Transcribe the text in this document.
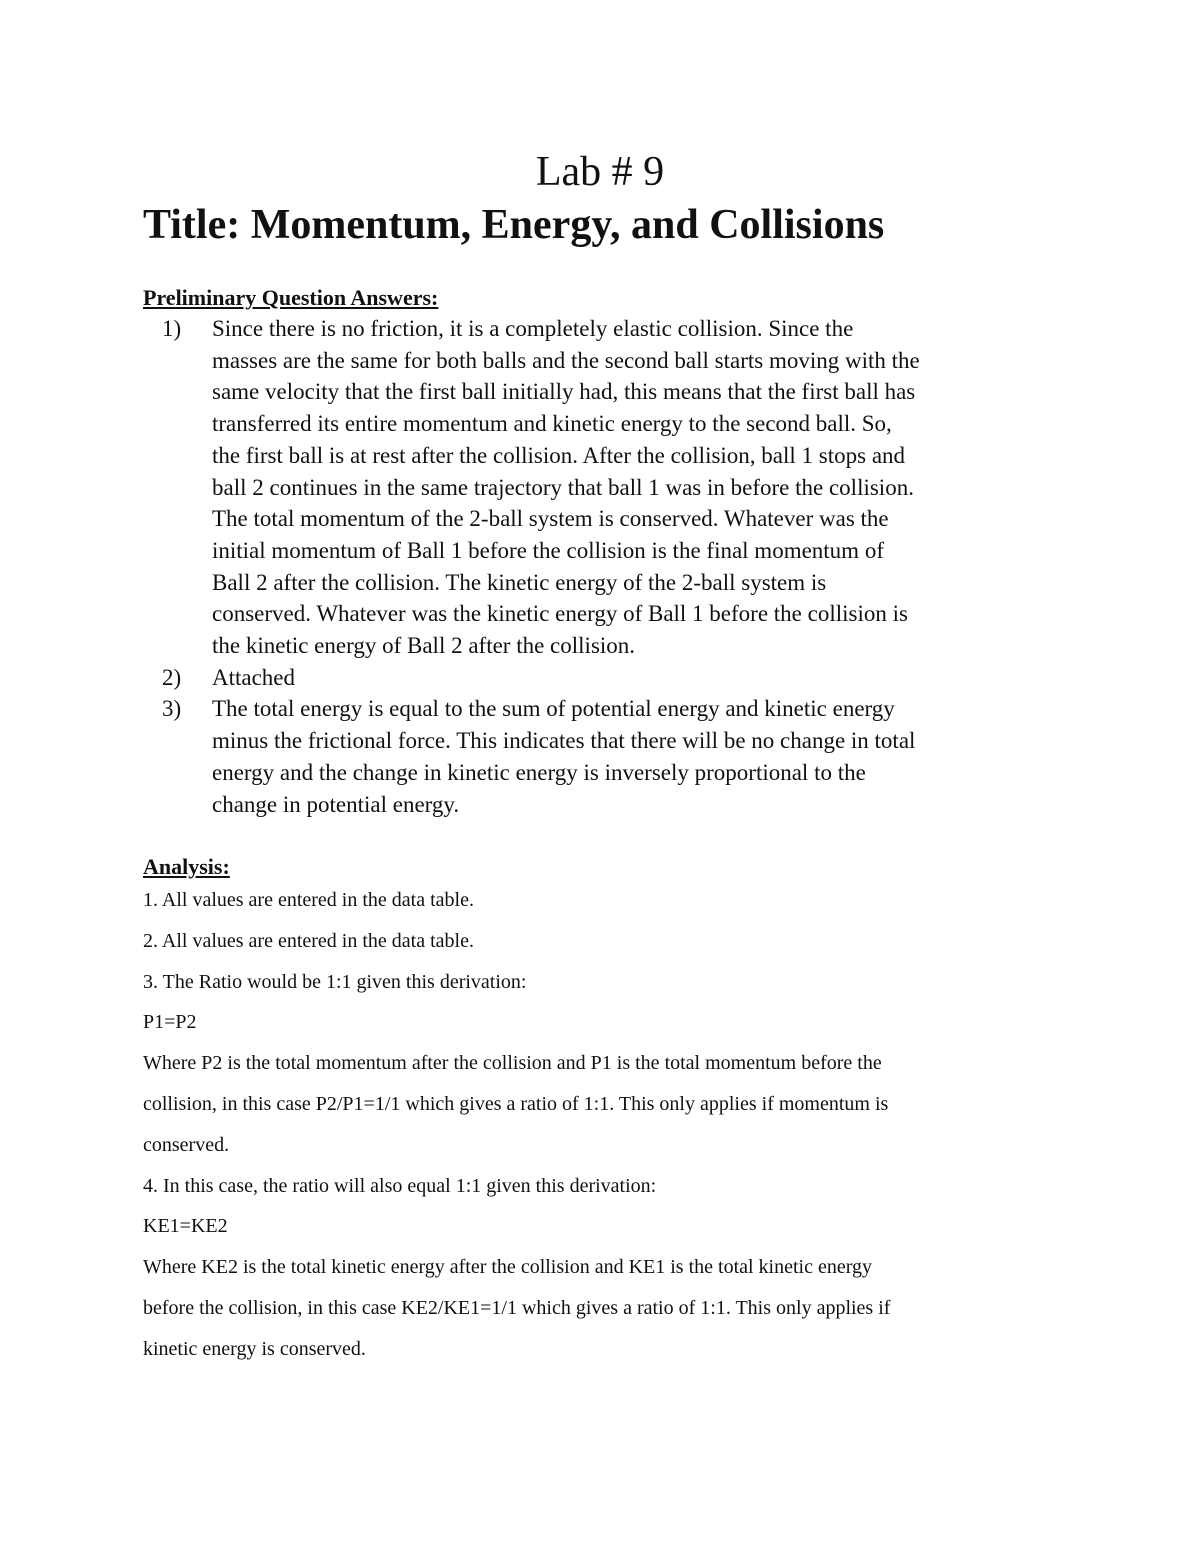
Lab # 9
Title: Momentum, Energy, and Collisions
Preliminary Question Answers:
1) Since there is no friction, it is a completely elastic collision. Since the
masses are the same for both balls and the second ball starts moving with the
same velocity that the first ball initially had, this means that the first ball has
transferred its entire momentum and kinetic energy to the second ball. So,
the first ball is at rest after the collision. After the collision, ball 1 stops and
ball 2 continues in the same trajectory that ball 1 was in before the collision.
The total momentum of the 2-ball system is conserved. Whatever was the
initial momentum of Ball 1 before the collision is the final momentum of
Ball 2 after the collision. The kinetic energy of the 2-ball system is
conserved. Whatever was the kinetic energy of Ball 1 before the collision is
the kinetic energy of Ball 2 after the collision.
2) Attached
3) The total energy is equal to the sum of potential energy and kinetic energy
minus the frictional force. This indicates that there will be no change in total
energy and the change in kinetic energy is inversely proportional to the
change in potential energy.
Analysis:

1. All values are entered in the data table.

2. All values are entered in the data table.

3. The Ratio would be 1:1 given this derivation:

P1=P2

Where P2 is the total momentum after the collision and P1 is the total momentum before the

collision, in this case P2/P1=1/1 which gives a ratio of 1:1. This only applies if momentum is

conserved.

4. In this case, the ratio will also equal 1:1 given this derivation:

KE1=KE2

Where KE2 is the total kinetic energy after the collision and KE1 is the total kinetic energy

before the collision, in this case KE2/KE1=1/1 which gives a ratio of 1:1. This only applies if

kinetic energy is conserved.
